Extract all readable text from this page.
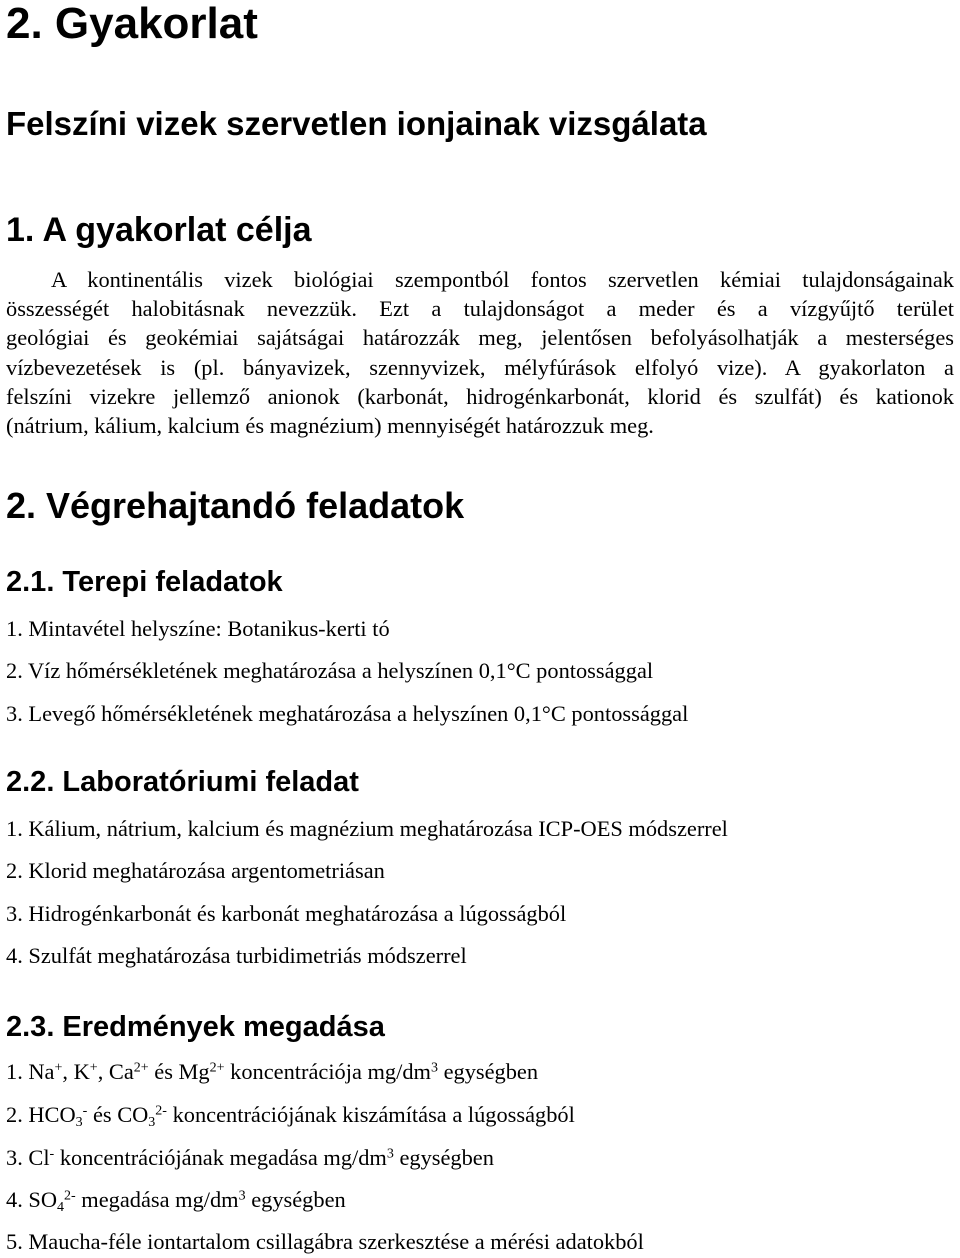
2. Gyakorlat
Felszíni vizek szervetlen ionjainak vizsgálata
1. A gyakorlat célja
A kontinentális vizek biológiai szempontból fontos szervetlen kémiai tulajdonságainak
összességét halobitásnak nevezzük. Ezt a tulajdonságot a meder és a vízgyűjtő terület
geológiai és geokémiai sajátságai határozzák meg, jelentősen befolyásolhatják a mesterséges
vízbevezetések is (pl. bányavizek, szennyvizek, mélyfúrások elfolyó vize). A gyakorlaton a
felszíni vizekre jellemző anionok (karbonát, hidrogénkarbonát, klorid és szulfát) és kationok
(nátrium, kálium, kalcium és magnézium) mennyiségét határozzuk meg.
2. Végrehajtandó feladatok
2.1. Terepi feladatok
1. Mintavétel helyszíne: Botanikus-kerti tó
2. Víz hőmérsékletének meghatározása a helyszínen 0,1°C pontossággal
3. Levegő hőmérsékletének meghatározása a helyszínen 0,1°C pontossággal
2.2. Laboratóriumi feladat
1. Kálium, nátrium, kalcium és magnézium meghatározása ICP-OES módszerrel
2. Klorid meghatározása argentometriásan
3. Hidrogénkarbonát és karbonát meghatározása a lúgosságból
4. Szulfát meghatározása turbidimetriás módszerrel
2.3. Eredmények megadása
1. Na+, K+, $Ca^{2+}$ és $Mg^{2+}$ koncentrációja $mg/dm^3$ egységben
2. $HCO_3^-$ és $CO_3^{2-}$ koncentrációjának kiszámítása a lúgosságból
3. Cl- koncentrációjának megadása $mg/dm^3$ egységben
4. $SO_4^{2-}$ megadása $mg/dm^3$ egységben
5. Maucha-féle iontartalom csillagábra szerkesztése a mérési adatokból
